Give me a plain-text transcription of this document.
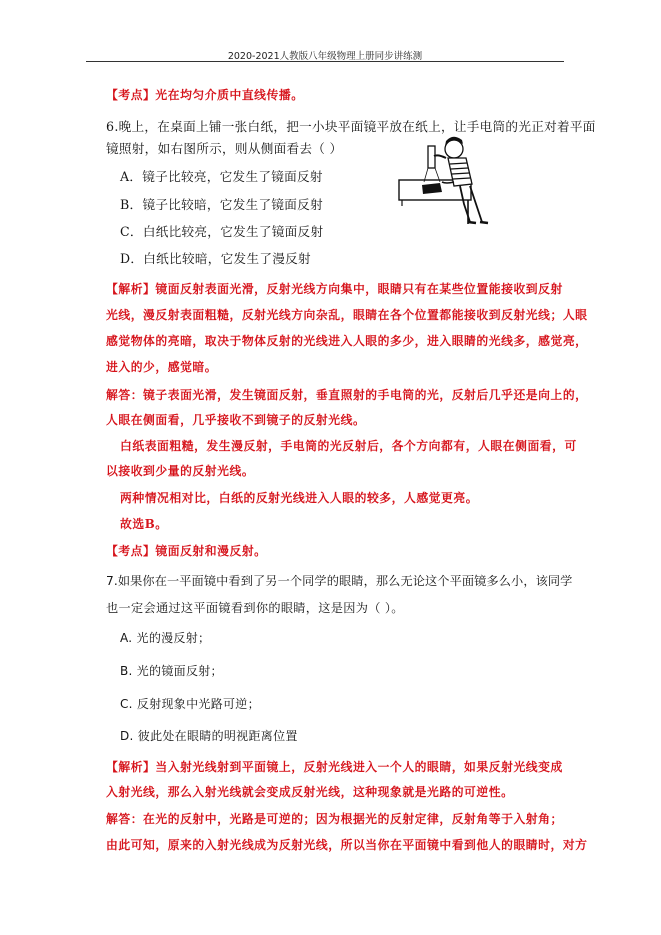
2020-2021人教版八年级物理上册同步讲练测
【考点】光在均匀介质中直线传播。
6.晚上，在桌面上铺一张白纸，把一小块平面镜平放在纸上，让手电筒的光正对着平面
镜照射，如右图所示，则从侧面看去（ ）
A．镜子比较亮，它发生了镜面反射
B．镜子比较暗，它发生了镜面反射
C．白纸比较亮，它发生了镜面反射
D．白纸比较暗，它发生了漫反射
【解析】镜面反射表面光滑，反射光线方向集中，眼睛只有在某些位置能接收到反射
光线，漫反射表面粗糙，反射光线方向杂乱，眼睛在各个位置都能接收到反射光线；人眼
感觉物体的亮暗，取决于物体反射的光线进入人眼的多少，进入眼睛的光线多，感觉亮，
进入的少，感觉暗。
解答：镜子表面光滑，发生镜面反射，垂直照射的手电筒的光，反射后几乎还是向上的，
人眼在侧面看，几乎接收不到镜子的反射光线。
白纸表面粗糙，发生漫反射，手电筒的光反射后，各个方向都有，人眼在侧面看，可
以接收到少量的反射光线。
两种情况相对比，白纸的反射光线进入人眼的较多，人感觉更亮。
故选B。
【考点】镜面反射和漫反射。
7.如果你在一平面镜中看到了另一个同学的眼睛，那么无论这个平面镜多么小，该同学
也一定会通过这平面镜看到你的眼睛，这是因为（ ）。
A. 光的漫反射；
B. 光的镜面反射；
C. 反射现象中光路可逆；
D. 彼此处在眼睛的明视距离位置
【解析】当入射光线射到平面镜上，反射光线进入一个人的眼睛，如果反射光线变成
入射光线，那么入射光线就会变成反射光线，这种现象就是光路的可逆性。
解答：在光的反射中，光路是可逆的；因为根据光的反射定律，反射角等于入射角；
由此可知，原来的入射光线成为反射光线，所以当你在平面镜中看到他人的眼睛时，对方
